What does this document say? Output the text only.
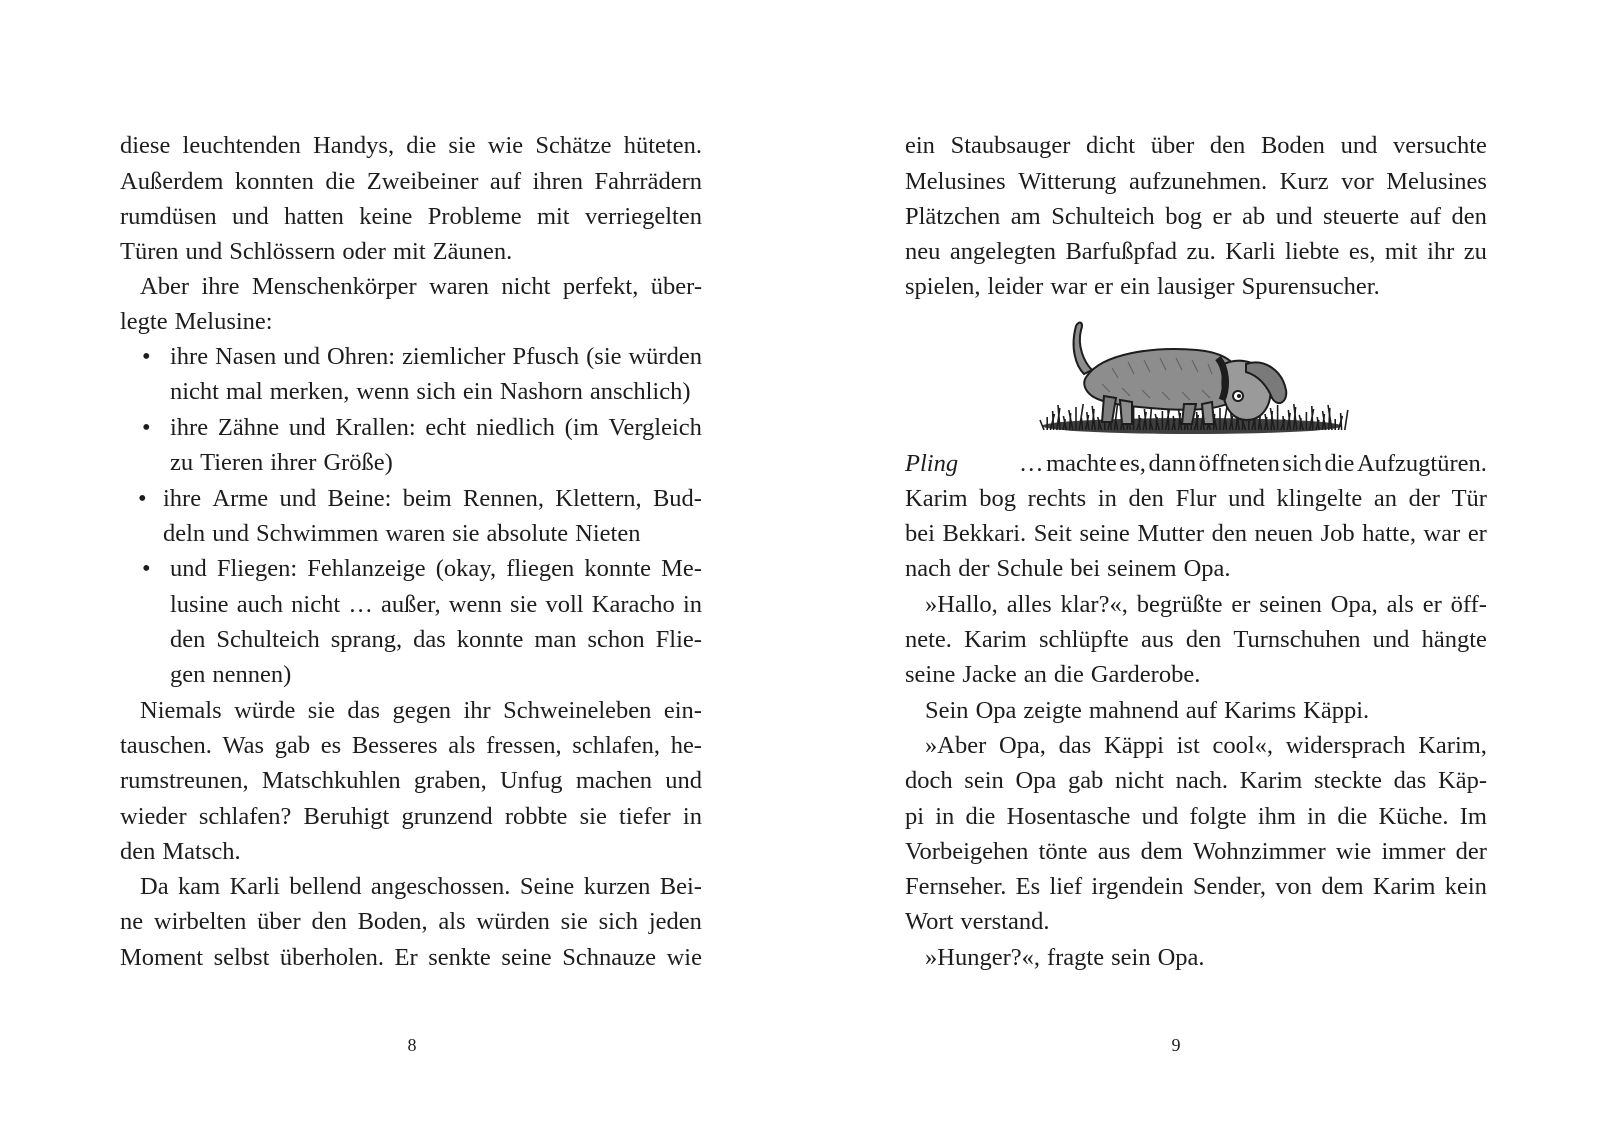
diese leuchtenden Handys, die sie wie Schätze hüteten.
Außerdem konnten die Zweibeiner auf ihren Fahrrädern
rumdüsen und hatten keine Probleme mit verriegelten
Türen und Schlössern oder mit Zäunen.
Aber ihre Menschenkörper waren nicht perfekt, über-
legte Melusine:
• ihre Nasen und Ohren: ziemlicher Pfusch (sie würden
nicht mal merken, wenn sich ein Nashorn anschlich)
• ihre Zähne und Krallen: echt niedlich (im Vergleich
zu Tieren ihrer Größe)
• ihre Arme und Beine: beim Rennen, Klettern, Bud-
deln und Schwimmen waren sie absolute Nieten
• und Fliegen: Fehlanzeige (okay, fliegen konnte Me-
lusine auch nicht … außer, wenn sie voll Karacho in
den Schulteich sprang, das konnte man schon Flie-
gen nennen)
Niemals würde sie das gegen ihr Schweineleben ein-
tauschen. Was gab es Besseres als fressen, schlafen, he-
rumstreunen, Matschkuhlen graben, Unfug machen und
wieder schlafen? Beruhigt grunzend robbte sie tiefer in
den Matsch.
Da kam Karli bellend angeschossen. Seine kurzen Bei-
ne wirbelten über den Boden, als würden sie sich jeden
Moment selbst überholen. Er senkte seine Schnauze wie
8
ein Staubsauger dicht über den Boden und versuchte
Melusines Witterung aufzunehmen. Kurz vor Melusines
Plätzchen am Schulteich bog er ab und steuerte auf den
neu angelegten Barfußpfad zu. Karli liebte es, mit ihr zu
spielen, leider war er ein lausiger Spurensucher.
Pling … machte es, dann öffneten sich die Aufzugtüren.
Karim bog rechts in den Flur und klingelte an der Tür
bei Bekkari. Seit seine Mutter den neuen Job hatte, war er
nach der Schule bei seinem Opa.
»Hallo, alles klar?«, begrüßte er seinen Opa, als er öff-
nete. Karim schlüpfte aus den Turnschuhen und hängte
seine Jacke an die Garderobe.
Sein Opa zeigte mahnend auf Karims Käppi.
»Aber Opa, das Käppi ist cool«, widersprach Karim,
doch sein Opa gab nicht nach. Karim steckte das Käp-
pi in die Hosentasche und folgte ihm in die Küche. Im
Vorbeigehen tönte aus dem Wohnzimmer wie immer der
Fernseher. Es lief irgendein Sender, von dem Karim kein
Wort verstand.
»Hunger?«, fragte sein Opa.
9
